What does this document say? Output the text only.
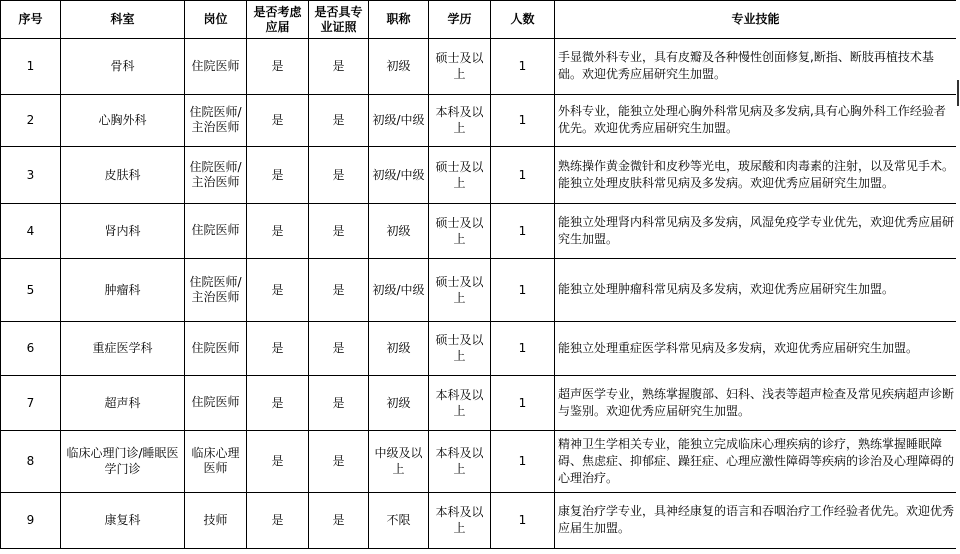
序号	科室	岗位	是否考虑应届	是否具专业证照	职称	学历	人数	专业技能
1	骨科	住院医师	是	是	初级	硕士及以上	1	手显微外科专业，具有皮瓣及各种慢性创面修复,断指、断肢再植技术基础。欢迎优秀应届研究生加盟。
2	心胸外科	住院医师/主治医师	是	是	初级/中级	本科及以上	1	外科专业，能独立处理心胸外科常见病及多发病,具有心胸外科工作经验者优先。欢迎优秀应届研究生加盟。
3	皮肤科	住院医师/主治医师	是	是	初级/中级	硕士及以上	1	熟练操作黄金微针和皮秒等光电，玻尿酸和肉毒素的注射，以及常见手术。能独立处理皮肤科常见病及多发病。欢迎优秀应届研究生加盟。
4	肾内科	住院医师	是	是	初级	硕士及以上	1	能独立处理肾内科常见病及多发病，风湿免疫学专业优先，欢迎优秀应届研究生加盟。
5	肿瘤科	住院医师/主治医师	是	是	初级/中级	硕士及以上	1	能独立处理肿瘤科常见病及多发病，欢迎优秀应届研究生加盟。
6	重症医学科	住院医师	是	是	初级	硕士及以上	1	能独立处理重症医学科常见病及多发病，欢迎优秀应届研究生加盟。
7	超声科	住院医师	是	是	初级	本科及以上	1	超声医学专业，熟练掌握腹部、妇科、浅表等超声检查及常见疾病超声诊断与鉴别。欢迎优秀应届研究生加盟。
8	临床心理门诊/睡眠医学门诊	临床心理医师	是	是	中级及以上	本科及以上	1	精神卫生学相关专业，能独立完成临床心理疾病的诊疗，熟练掌握睡眠障碍、焦虑症、抑郁症、躁狂症、心理应激性障碍等疾病的诊治及心理障碍的心理治疗。
9	康复科	技师	是	是	不限	本科及以上	1	康复治疗学专业，具神经康复的语言和吞咽治疗工作经验者优先。欢迎优秀应届生加盟。
